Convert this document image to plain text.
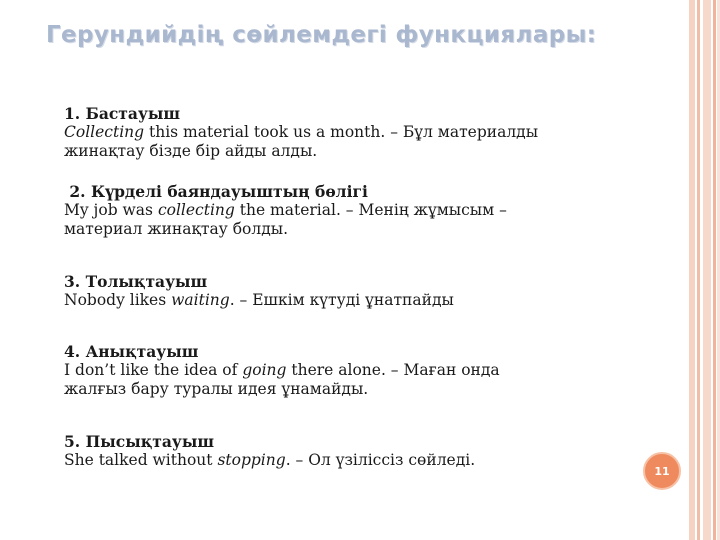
Герундийдің сөйлемдегі функциялары:
1. Бастауыш
Collecting this material took us a month. – Бұл материалды
жинақтау бізде бір айды алды.
2. Күрделі баяндауыштың бөлігі
My job was collecting the material. – Менің жұмысым –
материал жинақтау болды.
3. Толықтауыш
Nobody likes waiting. – Ешкім күтуді ұнатпайды
4. Анықтауыш
I don’t like the idea of going there alone. – Маған онда
жалғыз бару туралы идея ұнамайды.
5. Пысықтауыш
She talked without stopping. – Ол үзіліссіз сөйледі.
11
